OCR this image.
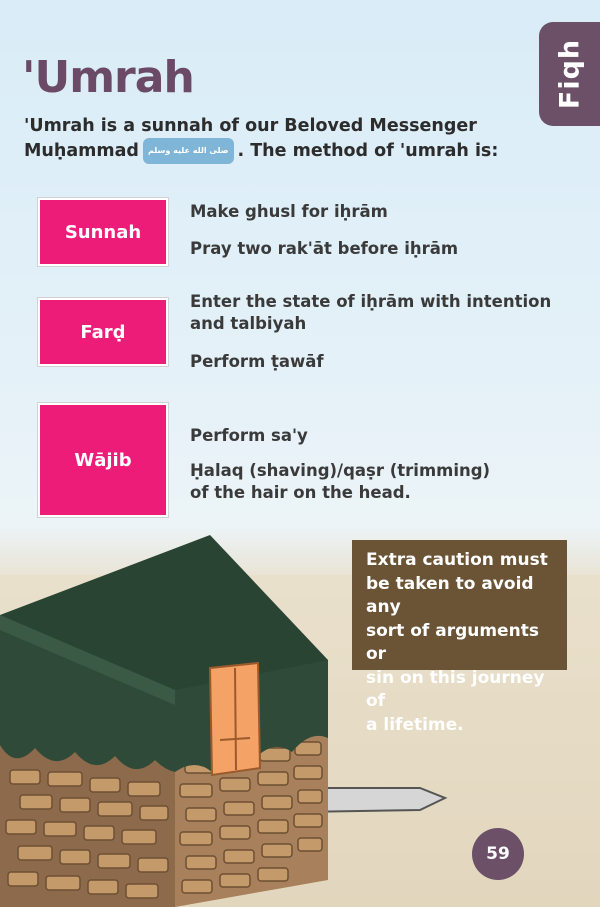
Fiqh
'Umrah
'Umrah is a sunnah of our Beloved Messenger
Muḥammad صلى الله عليه وسلم . The method of 'umrah is:
Sunnah
Make ghusl for iḥrām
Pray two rak'āt before iḥrām
Farḍ
Enter the state of iḥrām with intention
and talbiyah
Perform ṭawāf
Wājib
Perform sa'y
Ḥalaq (shaving)/qaṣr (trimming)
of the hair on the head.
Extra caution must
be taken to avoid any
sort of arguments or
sin on this journey of
a lifetime.
59
